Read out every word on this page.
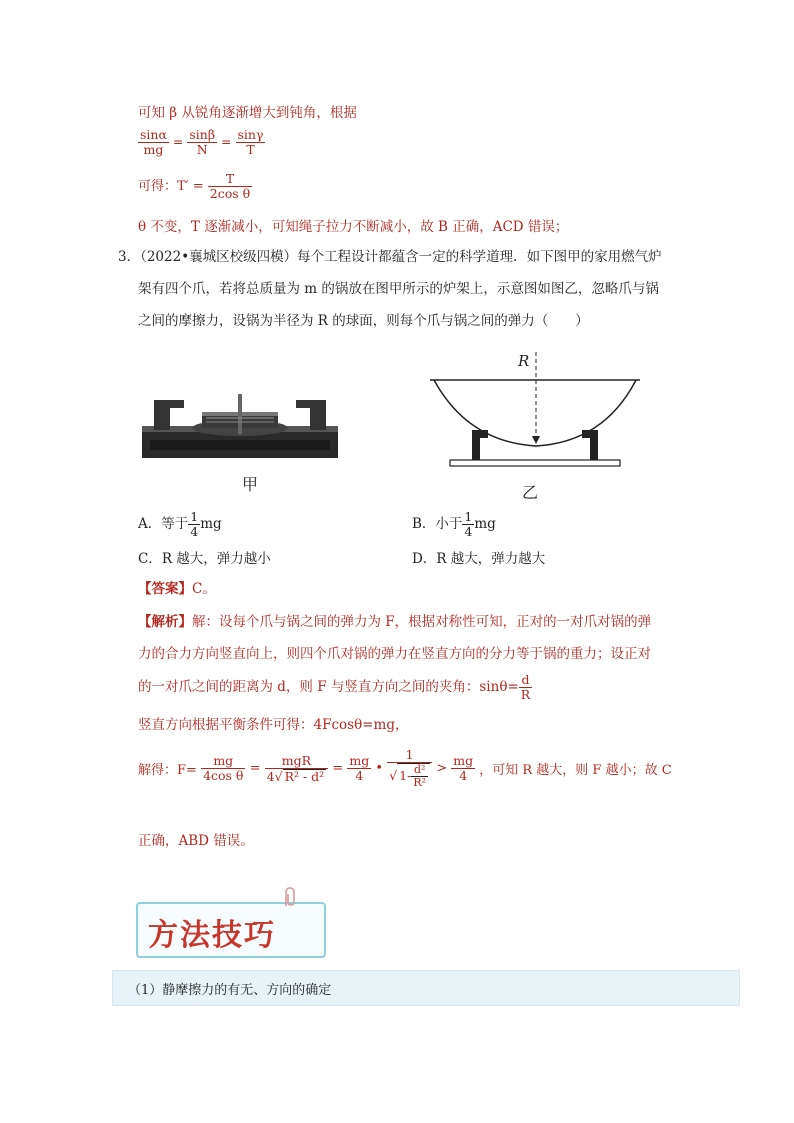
可知 β 从锐角逐渐增大到钝角，根据
$\frac{\sin\alpha}{mg} = \frac{\sin\beta}{N} = \frac{\sin\gamma}{T}$
可得：$T' = \frac{T}{\text{2cos θ}}$
θ 不变，T 逐渐减小，可知绳子拉力不断减小，故 B 正确，ACD 错误；
3．（2022•襄城区校级四模）每个工程设计都蕴含一定的科学道理．如下图甲的家用燃气炉
架有四个爪，若将总质量为 m 的锅放在图甲所示的炉架上，示意图如图乙，忽略爪与锅
之间的摩擦力，设锅为半径为 R 的球面，则每个爪与锅之间的弹力（　　）
甲
R
乙
A．等于 $\frac{1}{4}$ mg	B．小于 $\frac{1}{4}$ mg
C．R 越大，弹力越小	D．R 越大，弹力越大
【答案】C。
【解析】解：设每个爪与锅之间的弹力为 F，根据对称性可知，正对的一对爪对锅的弹
力的合力方向竖直向上，则四个爪对锅的弹力在竖直方向的分力等于锅的重力；设正对
的一对爪之间的距离为 d，则 F 与竖直方向之间的夹角：$\sin\theta= \frac{d}{R}$
竖直方向根据平衡条件可得：4Fcosθ=mg，
解得：$F= \frac{mg}{\text{4cos θ}} = \frac{\text{mgR}}{\text{4√ R² - d²}} = \frac{mg}{4}$ • $\frac{1}{√ 1- \frac{\text{d²}}{\text{R²}}} > \frac{mg}{4}$ ，可知 R 越大，则 F 越小；故 C
正确，ABD 错误。
方法技巧
（1）静摩擦力的有无、方向的确定
